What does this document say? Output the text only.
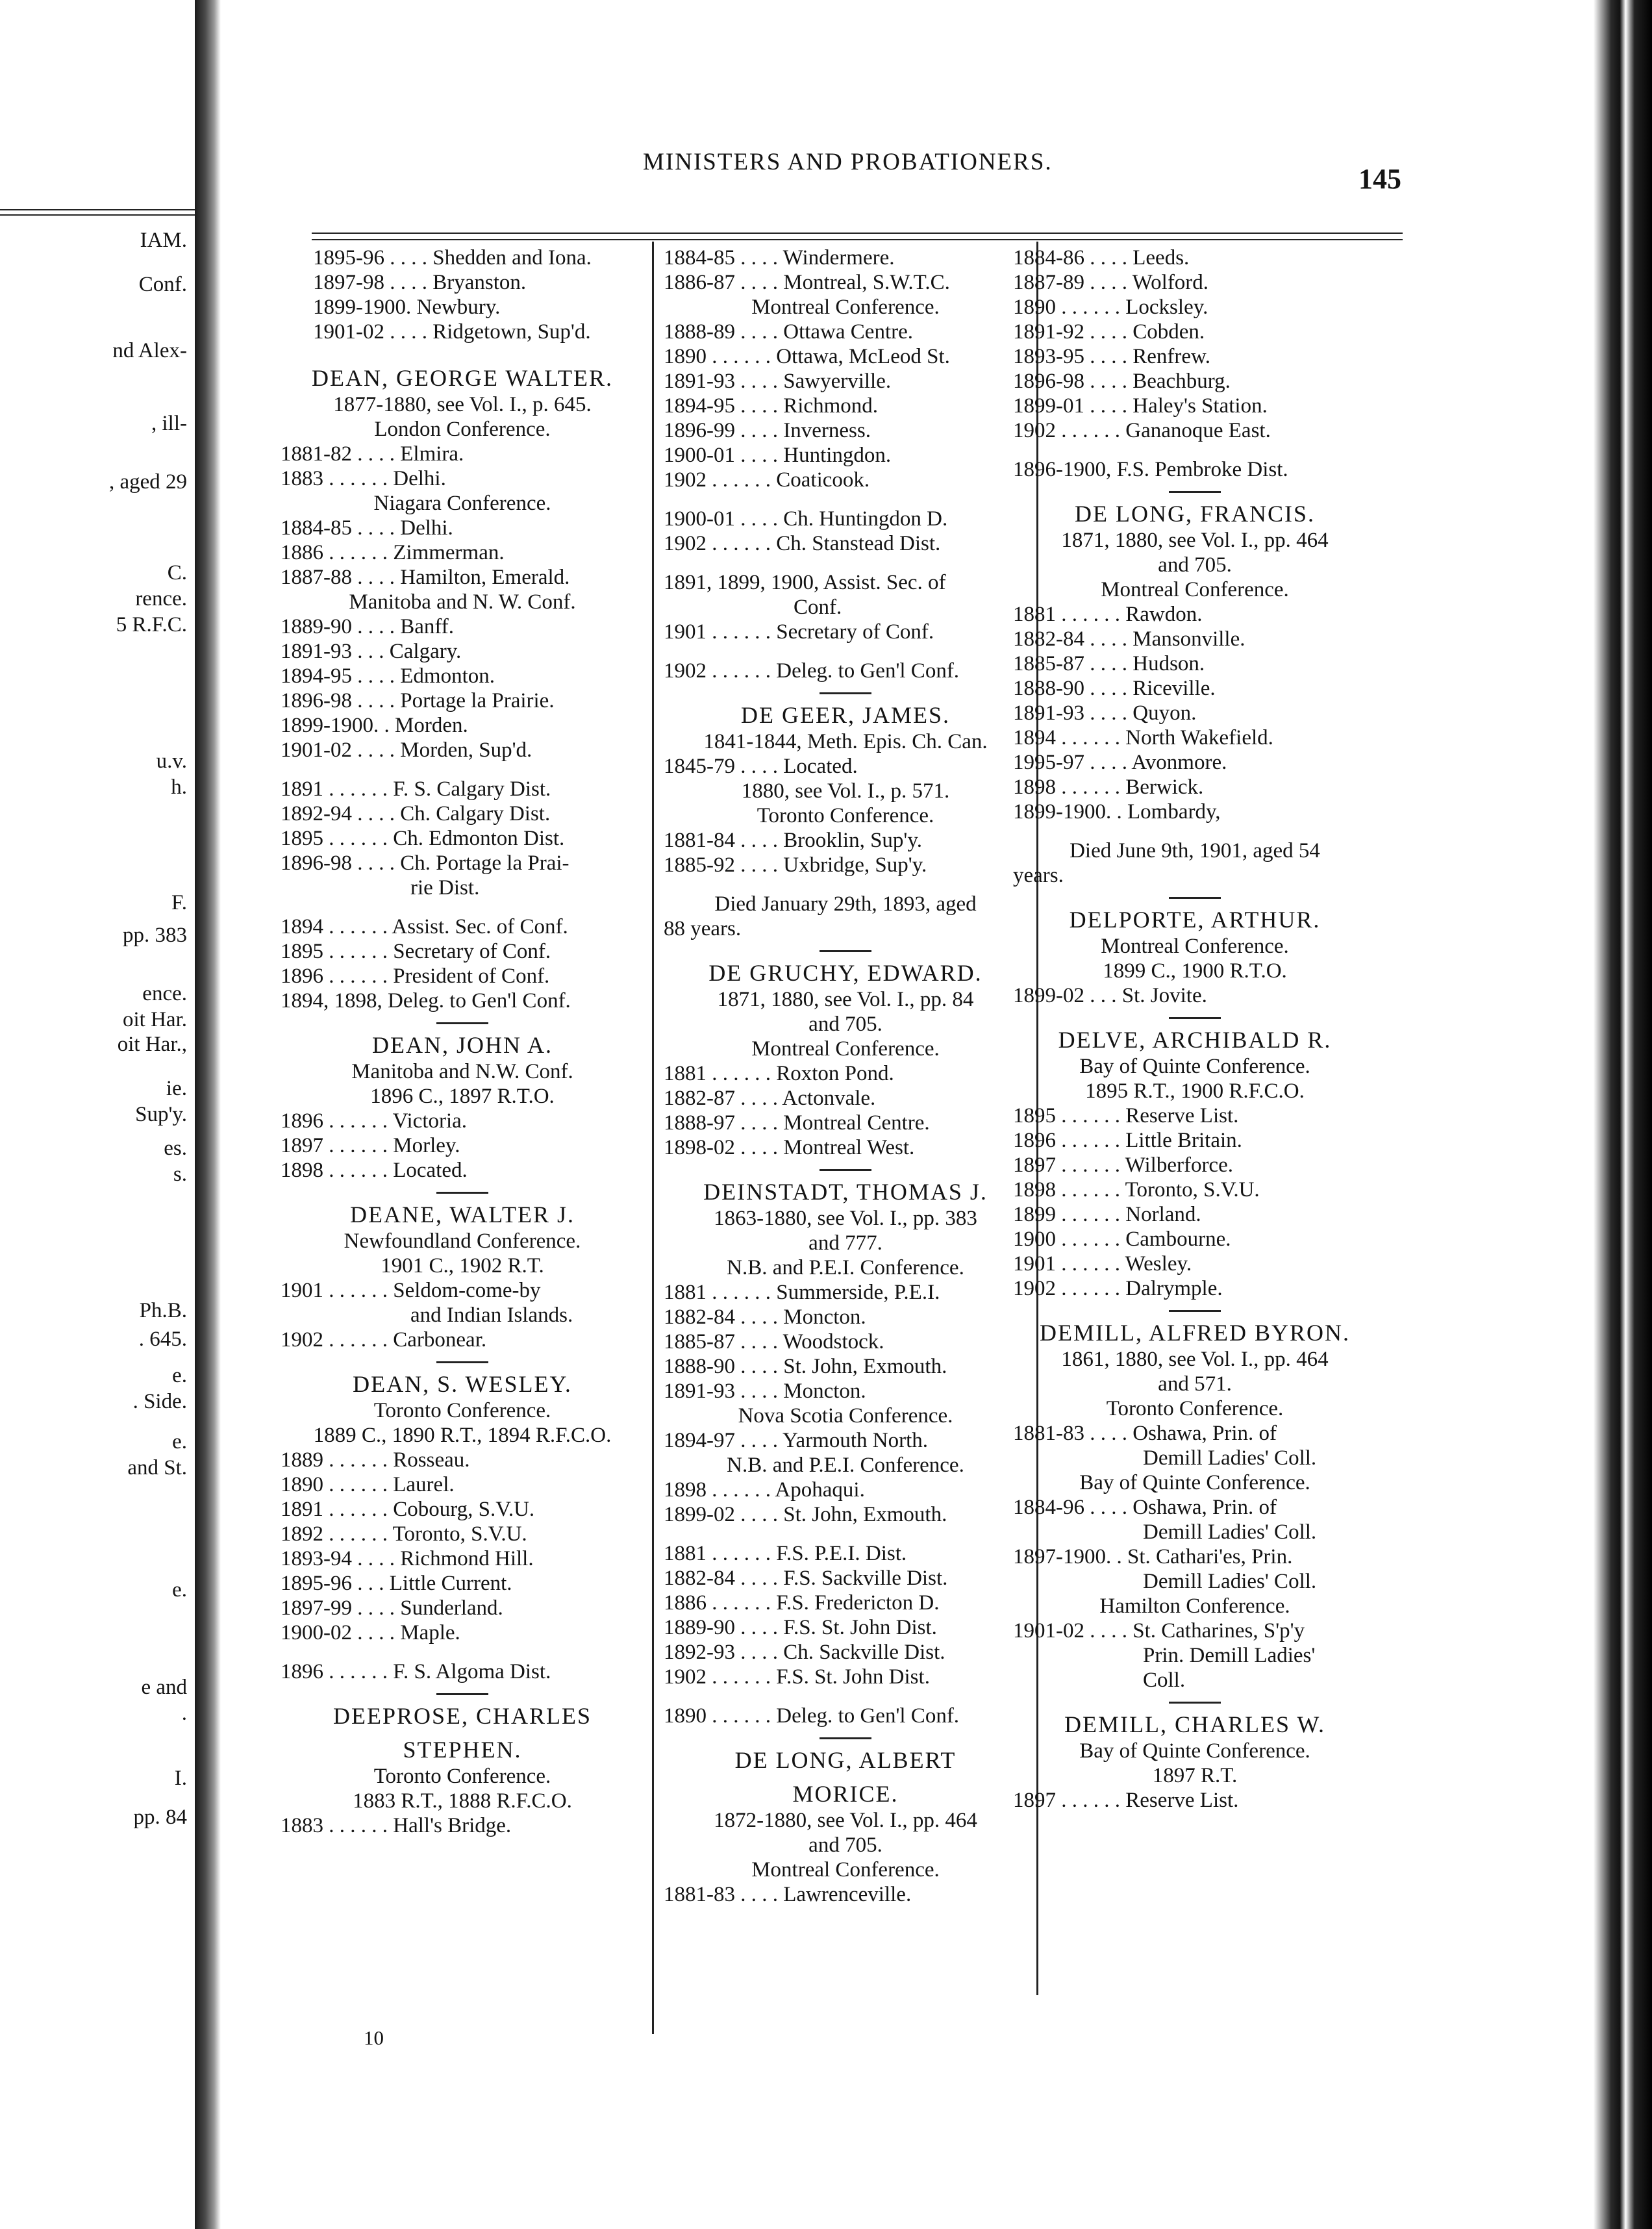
IAM.
Conf.
nd Alex-
, ill-
, aged 29
C.
rence.
5 R.F.C.
u.v.
h.
F.
pp. 383
ence.
oit Har.
oit Har.,
ie.
Sup'y.
es.
s.
Ph.B.
. 645.
e.
. Side.
e.
and St.
e.
e and
.
I.
pp. 84
MINISTERS AND PROBATIONERS.
145
1895-96 . . . . Shedden and Iona.
1897-98 . . . . Bryanston.
1899-1900. Newbury.
1901-02 . . . . Ridgetown, Sup'd.
DEAN, GEORGE WALTER.
1877-1880, see Vol. I., p. 645.
London Conference.
1881-82 . . . . Elmira.
1883 . . . . . . Delhi.
Niagara Conference.
1884-85 . . . . Delhi.
1886 . . . . . . Zimmerman.
1887-88 . . . . Hamilton, Emerald.
Manitoba and N. W. Conf.
1889-90 . . . . Banff.
1891-93 . . . Calgary.
1894-95 . . . . Edmonton.
1896-98 . . . . Portage la Prairie.
1899-1900. . Morden.
1901-02 . . . . Morden, Sup'd.
1891 . . . . . . F. S. Calgary Dist.
1892-94 . . . . Ch. Calgary Dist.
1895 . . . . . . Ch. Edmonton Dist.
1896-98 . . . . Ch. Portage la Prai-
rie Dist.
1894 . . . . . . Assist. Sec. of Conf.
1895 . . . . . . Secretary of Conf.
1896 . . . . . . President of Conf.
1894, 1898, Deleg. to Gen'l Conf.
DEAN, JOHN A.
Manitoba and N.W. Conf.
1896 C., 1897 R.T.O.
1896 . . . . . . Victoria.
1897 . . . . . . Morley.
1898 . . . . . . Located.
DEANE, WALTER J.
Newfoundland Conference.
1901 C., 1902 R.T.
1901 . . . . . . Seldom-come-by
and Indian Islands.
1902 . . . . . . Carbonear.
DEAN, S. WESLEY.
Toronto Conference.
1889 C., 1890 R.T., 1894 R.F.C.O.
1889 . . . . . . Rosseau.
1890 . . . . . . Laurel.
1891 . . . . . . Cobourg, S.V.U.
1892 . . . . . . Toronto, S.V.U.
1893-94 . . . . Richmond Hill.
1895-96 . . . Little Current.
1897-99 . . . . Sunderland.
1900-02 . . . . Maple.
1896 . . . . . . F. S. Algoma Dist.
DEEPROSE, CHARLES
STEPHEN.
Toronto Conference.
1883 R.T., 1888 R.F.C.O.
1883 . . . . . . Hall's Bridge.
1884-85 . . . . Windermere.
1886-87 . . . . Montreal, S.W.T.C.
Montreal Conference.
1888-89 . . . . Ottawa Centre.
1890 . . . . . . Ottawa, McLeod St.
1891-93 . . . . Sawyerville.
1894-95 . . . . Richmond.
1896-99 . . . . Inverness.
1900-01 . . . . Huntingdon.
1902 . . . . . . Coaticook.
1900-01 . . . . Ch. Huntingdon D.
1902 . . . . . . Ch. Stanstead Dist.
1891, 1899, 1900, Assist. Sec. of
Conf.
1901 . . . . . . Secretary of Conf.
1902 . . . . . . Deleg. to Gen'l Conf.
DE GEER, JAMES.
1841-1844, Meth. Epis. Ch. Can.
1845-79 . . . . Located.
1880, see Vol. I., p. 571.
Toronto Conference.
1881-84 . . . . Brooklin, Sup'y.
1885-92 . . . . Uxbridge, Sup'y.
Died January 29th, 1893, aged
88 years.
DE GRUCHY, EDWARD.
1871, 1880, see Vol. I., pp. 84
and 705.
Montreal Conference.
1881 . . . . . . Roxton Pond.
1882-87 . . . . Actonvale.
1888-97 . . . . Montreal Centre.
1898-02 . . . . Montreal West.
DEINSTADT, THOMAS J.
1863-1880, see Vol. I., pp. 383
and 777.
N.B. and P.E.I. Conference.
1881 . . . . . . Summerside, P.E.I.
1882-84 . . . . Moncton.
1885-87 . . . . Woodstock.
1888-90 . . . . St. John, Exmouth.
1891-93 . . . . Moncton.
Nova Scotia Conference.
1894-97 . . . . Yarmouth North.
N.B. and P.E.I. Conference.
1898 . . . . . . Apohaqui.
1899-02 . . . . St. John, Exmouth.
1881 . . . . . . F.S. P.E.I. Dist.
1882-84 . . . . F.S. Sackville Dist.
1886 . . . . . . F.S. Fredericton D.
1889-90 . . . . F.S. St. John Dist.
1892-93 . . . . Ch. Sackville Dist.
1902 . . . . . . F.S. St. John Dist.
1890 . . . . . . Deleg. to Gen'l Conf.
DE LONG, ALBERT
MORICE.
1872-1880, see Vol. I., pp. 464
and 705.
Montreal Conference.
1881-83 . . . . Lawrenceville.
1884-86 . . . . Leeds.
1887-89 . . . . Wolford.
1890 . . . . . . Locksley.
1891-92 . . . . Cobden.
1893-95 . . . . Renfrew.
1896-98 . . . . Beachburg.
1899-01 . . . . Haley's Station.
1902 . . . . . . Gananoque East.
1896-1900, F.S. Pembroke Dist.
DE LONG, FRANCIS.
1871, 1880, see Vol. I., pp. 464
and 705.
Montreal Conference.
1881 . . . . . . Rawdon.
1882-84 . . . . Mansonville.
1885-87 . . . . Hudson.
1888-90 . . . . Riceville.
1891-93 . . . . Quyon.
1894 . . . . . . North Wakefield.
1995-97 . . . . Avonmore.
1898 . . . . . . Berwick.
1899-1900. . Lombardy,
Died June 9th, 1901, aged 54
years.
DELPORTE, ARTHUR.
Montreal Conference.
1899 C., 1900 R.T.O.
1899-02 . . . St. Jovite.
DELVE, ARCHIBALD R.
Bay of Quinte Conference.
1895 R.T., 1900 R.F.C.O.
1895 . . . . . . Reserve List.
1896 . . . . . . Little Britain.
1897 . . . . . . Wilberforce.
1898 . . . . . . Toronto, S.V.U.
1899 . . . . . . Norland.
1900 . . . . . . Cambourne.
1901 . . . . . . Wesley.
1902 . . . . . . Dalrymple.
DEMILL, ALFRED BYRON.
1861, 1880, see Vol. I., pp. 464
and 571.
Toronto Conference.
1881-83 . . . . Oshawa, Prin. of
Demill Ladies' Coll.
Bay of Quinte Conference.
1884-96 . . . . Oshawa, Prin. of
Demill Ladies' Coll.
1897-1900. . St. Cathari'es, Prin.
Demill Ladies' Coll.
Hamilton Conference.
1901-02 . . . . St. Catharines, S'p'y
Prin. Demill Ladies'
Coll.
DEMILL, CHARLES W.
Bay of Quinte Conference.
1897 R.T.
1897 . . . . . . Reserve List.
10
